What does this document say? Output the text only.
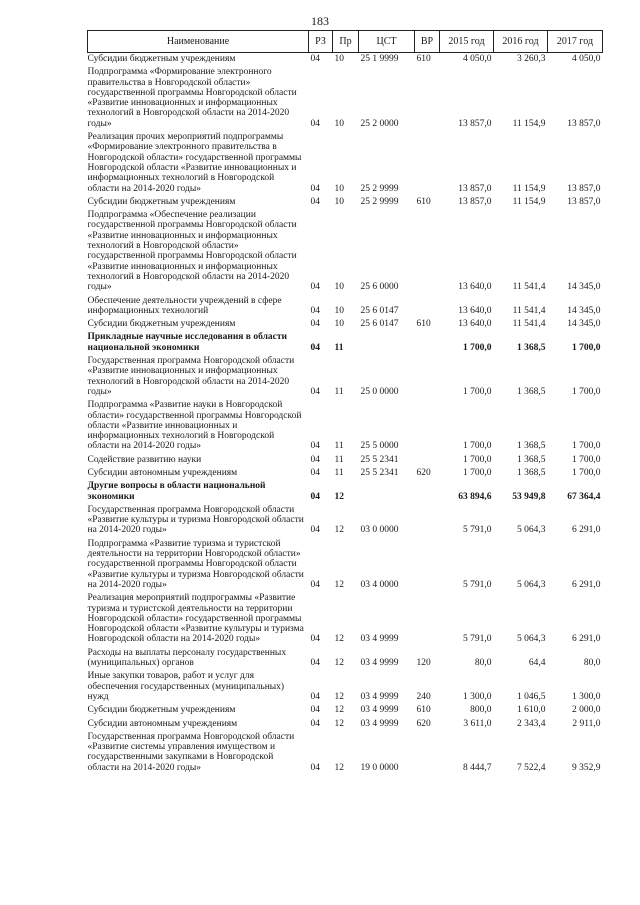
183
Наименование	РЗ	Пр	ЦСТ	ВР	2015 год	2016 год	2017 год
Субсидии бюджетным учреждениям	04	10	25 1 9999	610	4 050,0	3 260,3	4 050,0
Подпрограмма «Формирование электронного правительства в Новгородской области» государственной программы Новгородской области «Развитие инновационных и информационных технологий в Новгородской области на 2014-2020 годы»	04	10	25 2 0000		13 857,0	11 154,9	13 857,0
Реализация прочих мероприятий подпрограммы «Формирование электронного правительства в Новгородской области» государственной программы Новгородской области «Развитие инновационных и информационных технологий в Новгородской области на 2014-2020 годы»	04	10	25 2 9999		13 857,0	11 154,9	13 857,0
Субсидии бюджетным учреждениям	04	10	25 2 9999	610	13 857,0	11 154,9	13 857,0
Подпрограмма «Обеспечение реализации государственной программы Новгородской области «Развитие инновационных и информационных технологий в Новгородской области» государственной программы Новгородской области «Развитие инновационных и информационных технологий в Новгородской области на 2014-2020 годы»	04	10	25 6 0000		13 640,0	11 541,4	14 345,0
Обеспечение деятельности учреждений в сфере информационных технологий	04	10	25 6 0147		13 640,0	11 541,4	14 345,0
Субсидии бюджетным учреждениям	04	10	25 6 0147	610	13 640,0	11 541,4	14 345,0
Прикладные научные исследования в области национальной экономики	04	11			1 700,0	1 368,5	1 700,0
Государственная программа Новгородской области «Развитие инновационных и информационных технологий в Новгородской области на 2014-2020 годы»	04	11	25 0 0000		1 700,0	1 368,5	1 700,0
Подпрограмма «Развитие науки в Новгородской области» государственной программы Новгородской области «Развитие инновационных и информационных технологий в Новгородской области на 2014-2020 годы»	04	11	25 5 0000		1 700,0	1 368,5	1 700,0
Содействие развитию науки	04	11	25 5 2341		1 700,0	1 368,5	1 700,0
Субсидии автономным учреждениям	04	11	25 5 2341	620	1 700,0	1 368,5	1 700,0
Другие вопросы в области национальной экономики	04	12			63 894,6	53 949,8	67 364,4
Государственная программа Новгородской области «Развитие культуры и туризма Новгородской области на 2014-2020 годы»	04	12	03 0 0000		5 791,0	5 064,3	6 291,0
Подпрограмма «Развитие туризма и туристской деятельности на территории Новгородской области» государственной программы Новгородской области «Развитие культуры и туризма Новгородской области на 2014-2020 годы»	04	12	03 4 0000		5 791,0	5 064,3	6 291,0
Реализация мероприятий подпрограммы «Развитие туризма и туристской деятельности на территории Новгородской области» государственной программы Новгородской области «Развитие культуры и туризма Новгородской области на 2014-2020 годы»	04	12	03 4 9999		5 791,0	5 064,3	6 291,0
Расходы на выплаты персоналу государственных (муниципальных) органов	04	12	03 4 9999	120	80,0	64,4	80,0
Иные закупки товаров, работ и услуг для обеспечения государственных (муниципальных) нужд	04	12	03 4 9999	240	1 300,0	1 046,5	1 300,0
Субсидии бюджетным учреждениям	04	12	03 4 9999	610	800,0	1 610,0	2 000,0
Субсидии автономным учреждениям	04	12	03 4 9999	620	3 611,0	2 343,4	2 911,0
Государственная программа Новгородской области «Развитие системы управления имуществом и государственными закупками в Новгородской области на 2014-2020 годы»	04	12	19 0 0000		8 444,7	7 522,4	9 352,9
